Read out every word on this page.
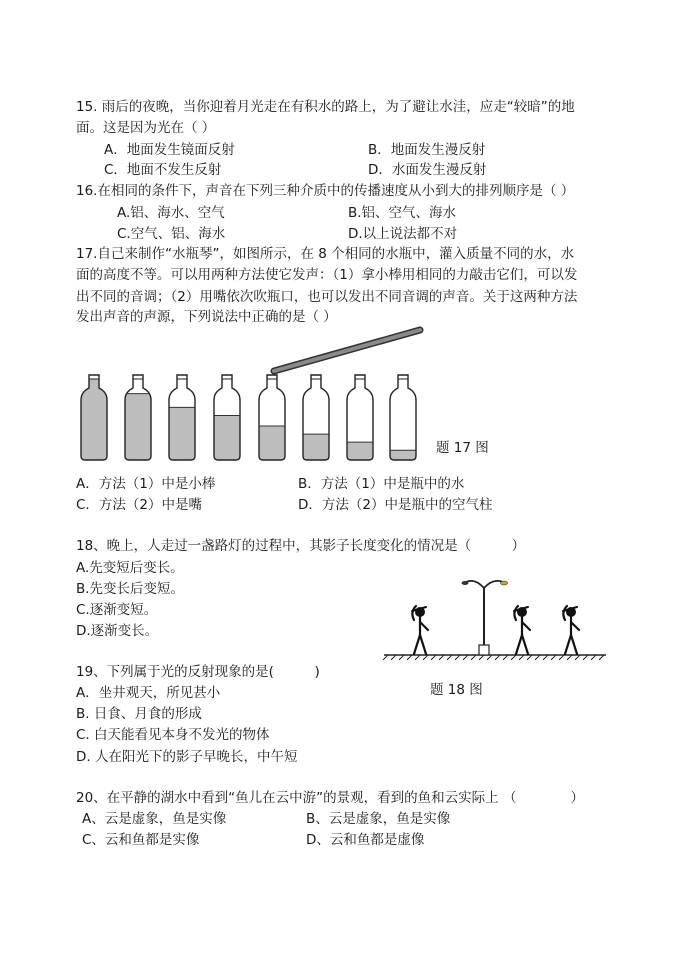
15. 雨后的夜晚，当你迎着月光走在有积水的路上，为了避让水洼，应走“较暗”的地
面。这是因为光在（ ）
A．地面发生镜面反射	B．地面发生漫反射
C．地面不发生反射	D．水面发生漫反射
16.在相同的条件下，声音在下列三种介质中的传播速度从小到大的排列顺序是（ ）
A.铝、海水、空气	B.铝、空气、海水
C.空气、铝、海水	D.以上说法都不对
17.自己来制作“水瓶琴”，如图所示，在 8 个相同的水瓶中，灌入质量不同的水，水
面的高度不等。可以用两种方法使它发声：（1）拿小棒用相同的力敲击它们，可以发
出不同的音调；（2）用嘴依次吹瓶口，也可以发出不同音调的声音。关于这两种方法
发出声音的声源，下列说法中正确的是（ ）
题 17 图
A．方法（1）中是小棒	B．方法（1）中是瓶中的水
C．方法（2）中是嘴	D．方法（2）中是瓶中的空气柱
18、晚上，人走过一盏路灯的过程中，其影子长度变化的情况是（　　　）
A.先变短后变长。
B.先变长后变短。
C.逐渐变短。
D.逐渐变长。
题 18 图
19、下列属于光的反射现象的是(　　　)
A．坐井观天，所见甚小
B. 日食、月食的形成
C. 白天能看见本身不发光的物体
D. 人在阳光下的影子早晚长，中午短
20、在平静的湖水中看到“鱼儿在云中游”的景观，看到的鱼和云实际上 （　　　　）
A、云是虚象，鱼是实像	B、云是虚象，鱼是实像
C、云和鱼都是实像	D、云和鱼都是虚像
